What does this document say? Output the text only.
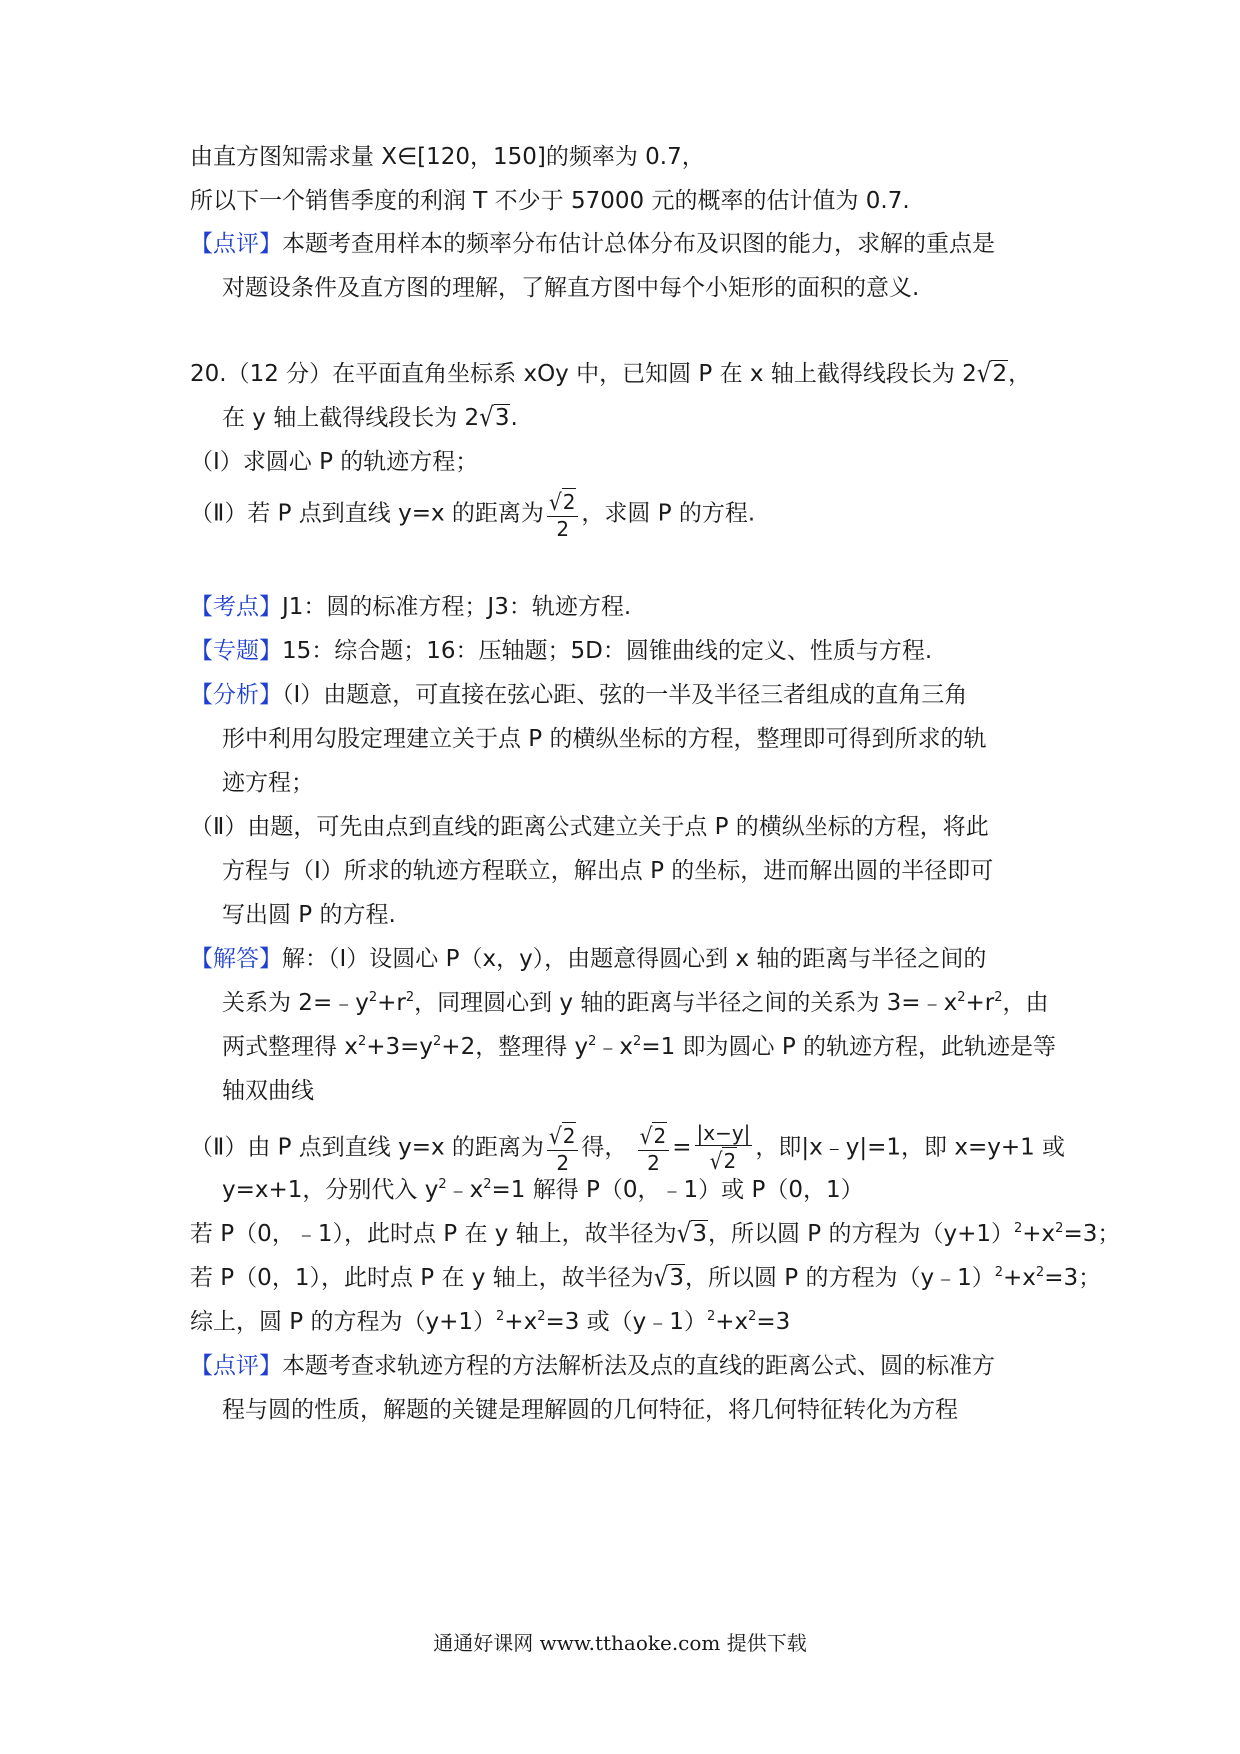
由直方图知需求量 X∈[120，150]的频率为 0.7，
所以下一个销售季度的利润 T 不少于 57000 元的概率的估计值为 0.7.
【点评】本题考查用样本的频率分布估计总体分布及识图的能力，求解的重点是
对题设条件及直方图的理解，了解直方图中每个小矩形的面积的意义.
20.（12 分）在平面直角坐标系 xOy 中，已知圆 P 在 x 轴上截得线段长为 2√2，
在 y 轴上截得线段长为 2√3.
（Ⅰ）求圆心 P 的轨迹方程；
（Ⅱ）若 P 点到直线 y=x 的距离为 $\frac{√2}{2}$ ，求圆 P 的方程.
【考点】J1：圆的标准方程；J3：轨迹方程.
【专题】15：综合题；16：压轴题；5D：圆锥曲线的定义、性质与方程.
【分析】（Ⅰ）由题意，可直接在弦心距、弦的一半及半径三者组成的直角三角
形中利用勾股定理建立关于点 P 的横纵坐标的方程，整理即可得到所求的轨
迹方程；
（Ⅱ）由题，可先由点到直线的距离公式建立关于点 P 的横纵坐标的方程，将此
方程与（I）所求的轨迹方程联立，解出点 P 的坐标，进而解出圆的半径即可
写出圆 P 的方程.
【解答】解：（Ⅰ）设圆心 P（x，y），由题意得圆心到 x 轴的距离与半径之间的
关系为 $2=﹣y^2+r^2$，同理圆心到 y 轴的距离与半径之间的关系为 $3=﹣x^2+r^2$，由
两式整理得 $x^2+3=y^2+2$，整理得 $y^2﹣x^2=1$ 即为圆心 P 的轨迹方程，此轨迹是等
轴双曲线
（Ⅱ）由 P 点到直线 y=x 的距离为 $\frac{√2}{2}$ 得， $\frac{√2}{2} = \frac{|x-y|}{√2}$ ，即|x﹣y|=1，即 x=y+1 或
y=x+1，分别代入 $y^2﹣x^2=1$ 解得 P（0，﹣1）或 P（0，1）
若 P（0，﹣1），此时点 P 在 y 轴上，故半径为√3，所以圆 P 的方程为$(y+1)^2+x^2=3$；
若 P（0，1），此时点 P 在 y 轴上，故半径为√3，所以圆 P 的方程为$(y﹣1)^2+x^2=3$；
综上，圆 P 的方程为$(y+1)^2+x^2=3$ 或$(y﹣1)^2+x^2=3$
【点评】本题考查求轨迹方程的方法解析法及点的直线的距离公式、圆的标准方
程与圆的性质，解题的关键是理解圆的几何特征，将几何特征转化为方程
通通好课网 www.tthaoke.com 提供下载
